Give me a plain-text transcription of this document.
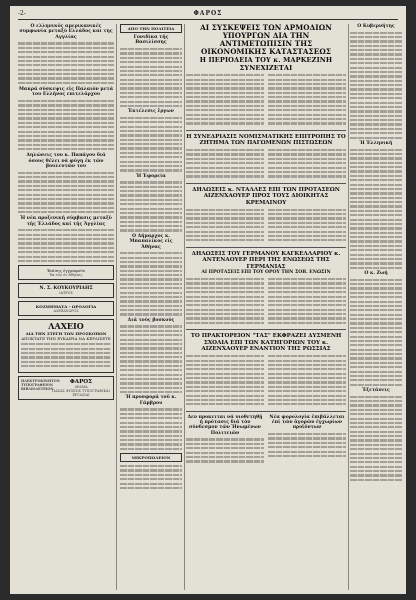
-2-	ΦΑΡΟΣ
Ο ελληνικός αμερικανικές συμφωνία μεταξύ Ελλάδος και της Αγγλίας
Μακρά σύσκεψις εἰς Παλαιόν μετά του Ελλήνος επιτελάρχου
Δηλώσεις του κ. Παπάγου διά όσους θέλει νά φύγη ἐκ τῶν βουλευτῶν του
Ἡ νέα προξενική σύμβασις μεταξὺ τῆς Ἑλλάδος καί τῆς Ἀγγλίας
Ἐπίσης ἐγγραφοῦν
Ἐκ τῶν ἐν Ἀθήναις
Ν. Σ. ΚΟΥΚΟΥΡΙΔΗΣ
ΙΑΤΡΟΣ
ΚΟΣΜΗΜΑΤΑ - ΩΡΟΛΟΓΙΑ
ΑΛΕΞΑΝΔΡΟΣ
ΛΑΧΕΙΟ
ΔΙΑ ΤΗΝ ΣΤΕΓΗ ΤΩΝ ΠΡΟΣΚΟΠΩΝ
ΑΠΟΚΤΑΤΕ ΤΗΝ ΕΥΚΑΙΡΙΑ ΝΑ ΚΕΡΔΙΣΕΤΕ
ΗΛΕΚΤΡΟΚΙΝΗΤΟΝ ΤΥΠΟΓΡΑΦΕΙΟΝ ΒΙΒΛΙΟΔΕΤΕΙΟΝ
ΦΑΡΟΣ
ΔΡΑΜΑ
ΠΑΣΑΣ ΦΥΣΕΩΣ ΤΥΠΟΓΡΑΦΙΚΑΙ ΕΡΓΑΣΙΑΙ
ΑΠΟ ΤΗΝ ΠΟΛΙΤΕΙΑ
Γονιδίκα τῆς Βασιλίσσης
Ἐκτέλεσις ἔργων
Ἡ Ἐφορεία
Ο Δήμαρχος κ. Μπαπαλίκος εἰς Ἀθήνας
Διά τούς βοσκούς
Ἡ προσφορά τοῦ κ. Γάμβρου
ΜΙΚΡΟΠΩΛΕΙΟΝ
ΑΙ ΣΥΣΚΕΨΕΙΣ ΤΩΝ ΑΡΜΟΔΙΩΝ ΥΠΟΥΡΓΩΝ ΔΙΑ ΤΗΝ ΑΝΤΙΜΕΤΩΠΙΣΙΝ ΤΗΣ ΟΙΚΟΝΟΜΙΚΗΣ ΚΑΤΑΣΤΑΣΕΩΣ
Η ΠΕΡΙΟΔΕΙΑ ΤΟΥ κ. ΜΑΡΚΕΖΙΝΗ ΣΥΝΕΧΙΖΕΤΑΙ
Η ΣΥΝΕΔΡΙΑΣΙΣ ΝΟΜΙΣΜΑΤΙΚΗΣ ΕΠΙΤΡΟΠΗΣ ΤΟ ΖΗΤΗΜΑ ΤΩΝ ΠΑΓΩΜΕΝΩΝ ΠΙΣΤΩΣΕΩΝ
ΔΗΛΩΣΕΙΣ κ. ΝΤΑΛΛΕΣ ΕΠΙ ΤΩΝ ΠΡΟΤΑΣΕΩΝ ΑΙΖΕΝΧΑΟΥΕΡ ΠΡΟΣ ΤΟΥΣ ΔΙΟΙΚΗΤΑΣ ΚΡΕΜΛΙΝΟΥ
ΔΗΛΩΣΕΙΣ ΤΟΥ ΓΕΡΜΑΝΟΥ ΚΑΓΚΕΛΛΑΡΙΟΥ κ. ΑΝΤΕΝΑΟΥΕΡ ΠΕΡΙ ΤΗΣ ΕΝΩΣΕΩΣ ΤΗΣ ΓΕΡΜΑΝΙΑΣ
ΑΙ ΠΡΟΤΑΣΕΙΣ ΕΠΙ ΤΟΥ ΟΡΟΥ ΤΗΝ ΣΟΒ. ΕΝΩΣΙΝ
ΤΟ ΠΡΑΚΤΟΡΕΙΟΝ "ΤΑΣ" ΕΚΦΡΑΖΕΙ ΔΥΣΜΕΝΗ ΣΧΟΛΙΑ ΕΠΙ ΤΩΝ ΚΑΤΗΓΟΡΙΩΝ ΤΟΥ κ. ΑΙΖΕΝΧΑΟΥΕΡ ΕΝΑΝΤΙΟΝ ΤΗΣ ΡΩΣΣΙΑΣ
Δεν προκειται νά υιοθετηθῇ ἡ πρότασις διά τόν σύνδεσμον τῶν Ἡνωμένων Πολιτειῶν
Νέα φορολογία ἐπιβάλλεται ἐπί τῶν ἀγορῶν ἐγχωρίων προϊόντων
Ο Κυβερνήτης
Ἡ Ἐλληνική
Ο κ. Ζωή
Ἐξετάσεις
